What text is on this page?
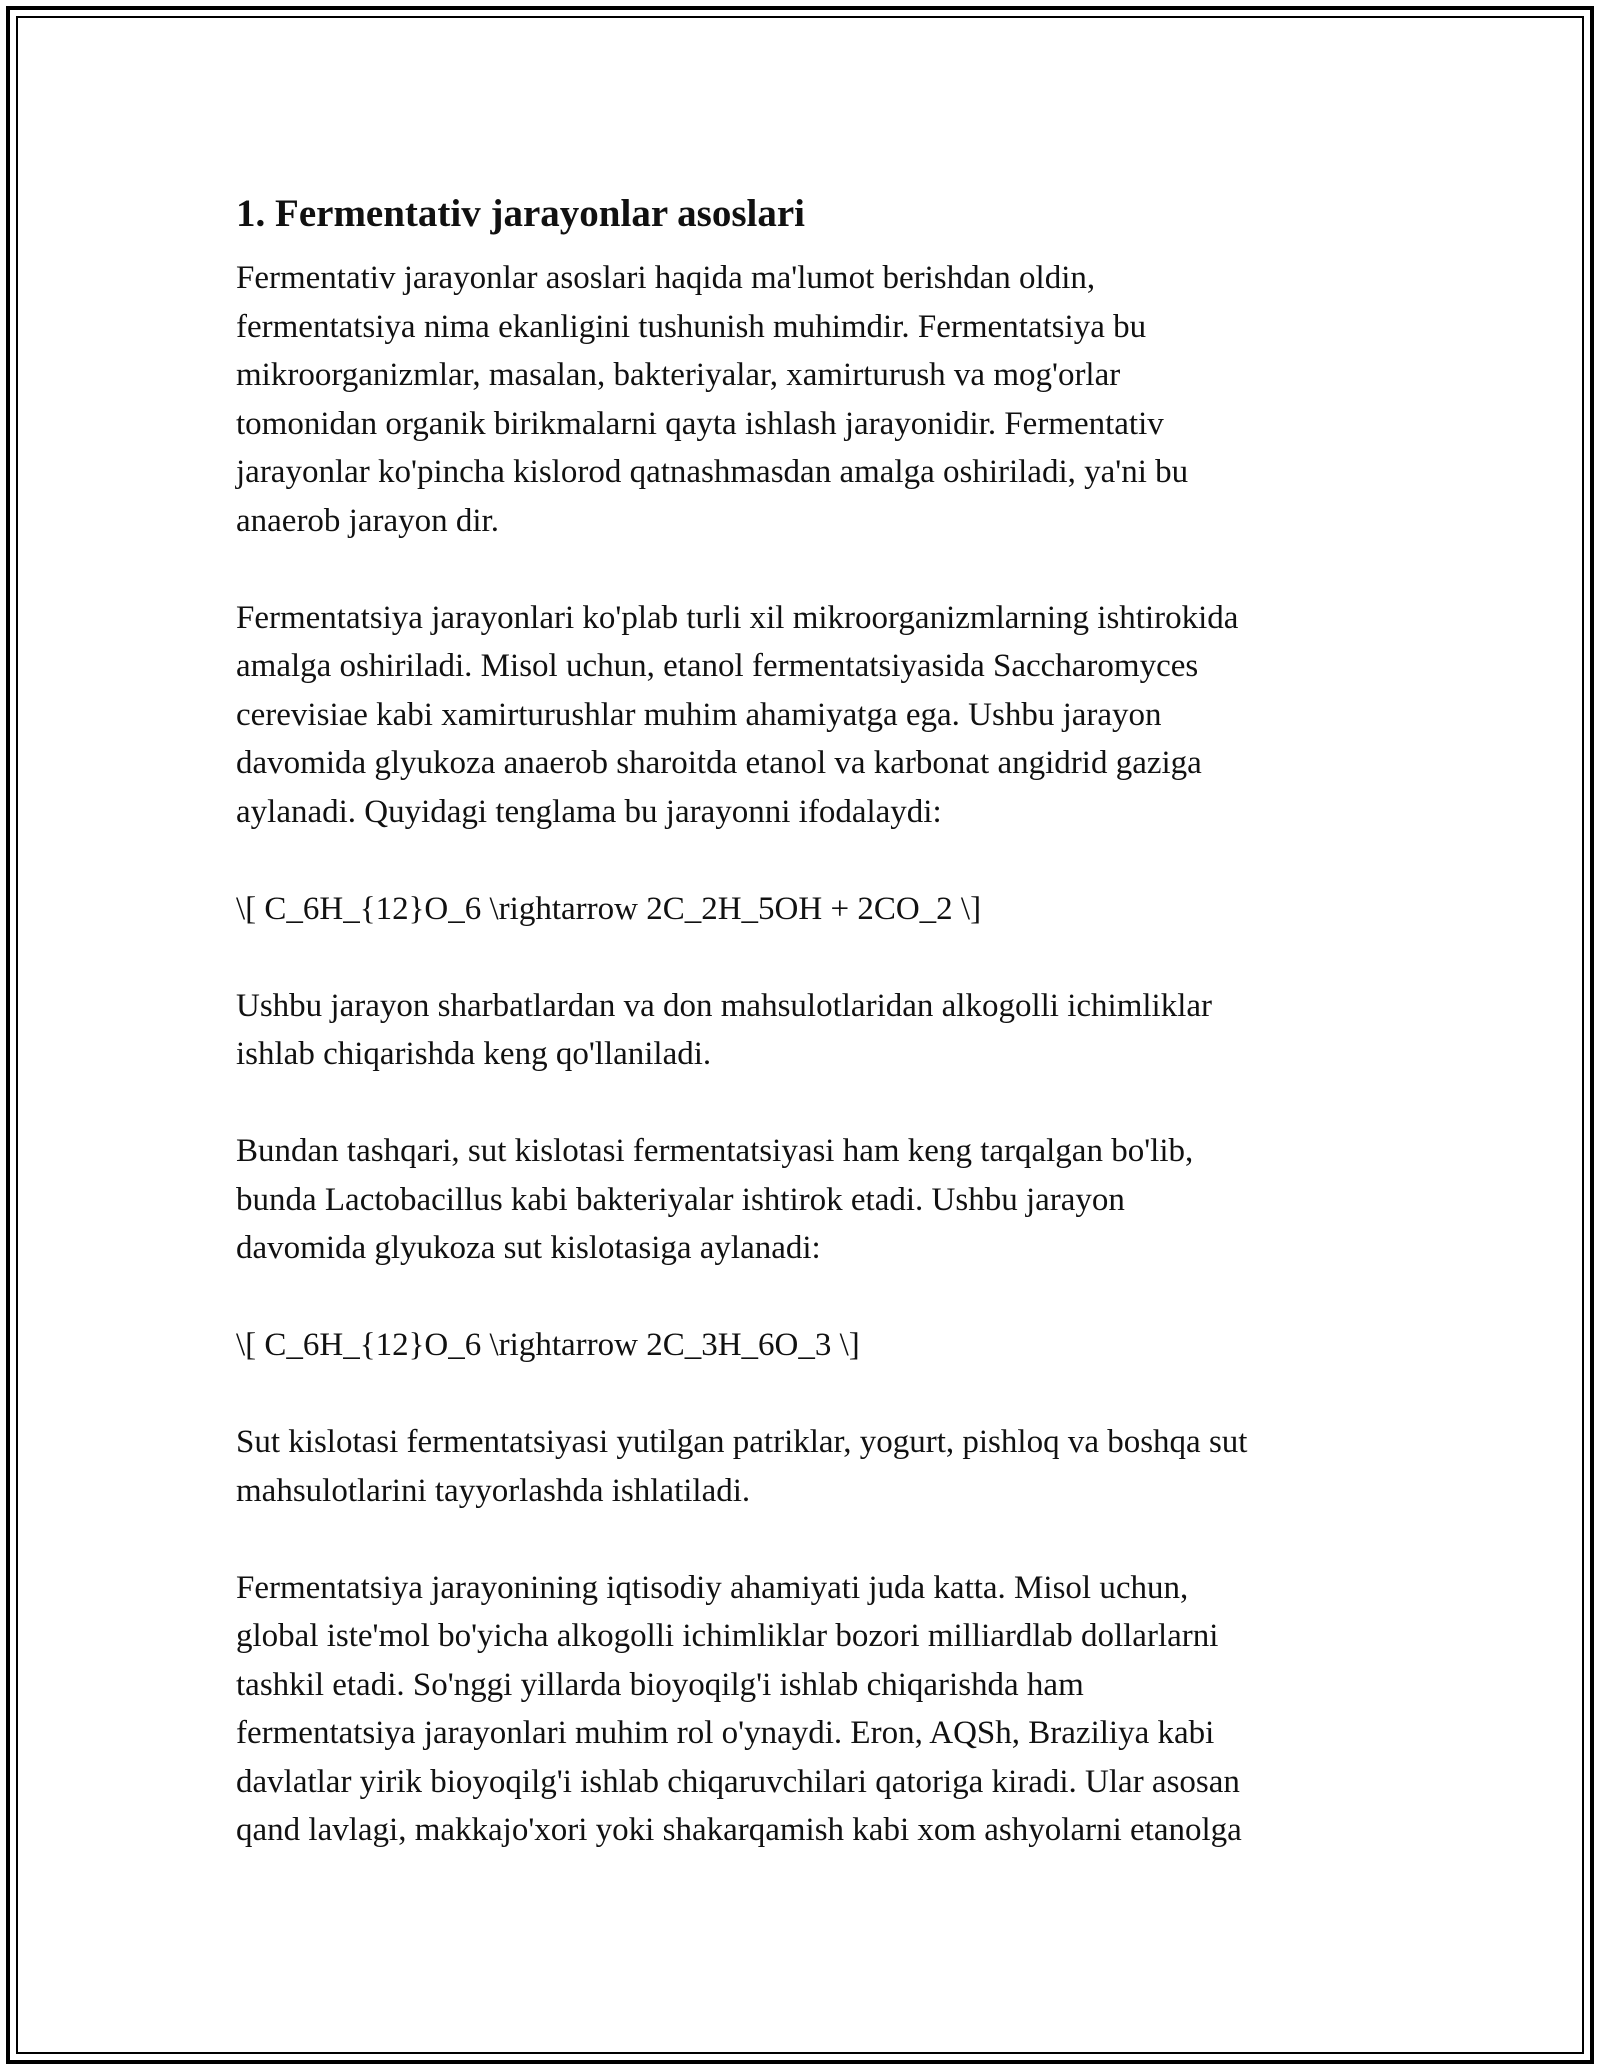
1. Fermentativ jarayonlar asoslari
Fermentativ jarayonlar asoslari haqida ma'lumot berishdan oldin,
fermentatsiya nima ekanligini tushunish muhimdir. Fermentatsiya bu
mikroorganizmlar, masalan, bakteriyalar, xamirturush va mog'orlar
tomonidan organik birikmalarni qayta ishlash jarayonidir. Fermentativ
jarayonlar ko'pincha kislorod qatnashmasdan amalga oshiriladi, ya'ni bu
anaerob jarayon dir.
Fermentatsiya jarayonlari ko'plab turli xil mikroorganizmlarning ishtirokida
amalga oshiriladi. Misol uchun, etanol fermentatsiyasida Saccharomyces
cerevisiae kabi xamirturushlar muhim ahamiyatga ega. Ushbu jarayon
davomida glyukoza anaerob sharoitda etanol va karbonat angidrid gaziga
aylanadi. Quyidagi tenglama bu jarayonni ifodalaydi:
\[ C_6H_{12}O_6 \rightarrow 2C_2H_5OH + 2CO_2 \]
Ushbu jarayon sharbatlardan va don mahsulotlaridan alkogolli ichimliklar
ishlab chiqarishda keng qo'llaniladi.
Bundan tashqari, sut kislotasi fermentatsiyasi ham keng tarqalgan bo'lib,
bunda Lactobacillus kabi bakteriyalar ishtirok etadi. Ushbu jarayon
davomida glyukoza sut kislotasiga aylanadi:
\[ C_6H_{12}O_6 \rightarrow 2C_3H_6O_3 \]
Sut kislotasi fermentatsiyasi yutilgan patriklar, yogurt, pishloq va boshqa sut
mahsulotlarini tayyorlashda ishlatiladi.
Fermentatsiya jarayonining iqtisodiy ahamiyati juda katta. Misol uchun,
global iste'mol bo'yicha alkogolli ichimliklar bozori milliardlab dollarlarni
tashkil etadi. So'nggi yillarda bioyoqilg'i ishlab chiqarishda ham
fermentatsiya jarayonlari muhim rol o'ynaydi. Eron, AQSh, Braziliya kabi
davlatlar yirik bioyoqilg'i ishlab chiqaruvchilari qatoriga kiradi. Ular asosan
qand lavlagi, makkajo'xori yoki shakarqamish kabi xom ashyolarni etanolga
